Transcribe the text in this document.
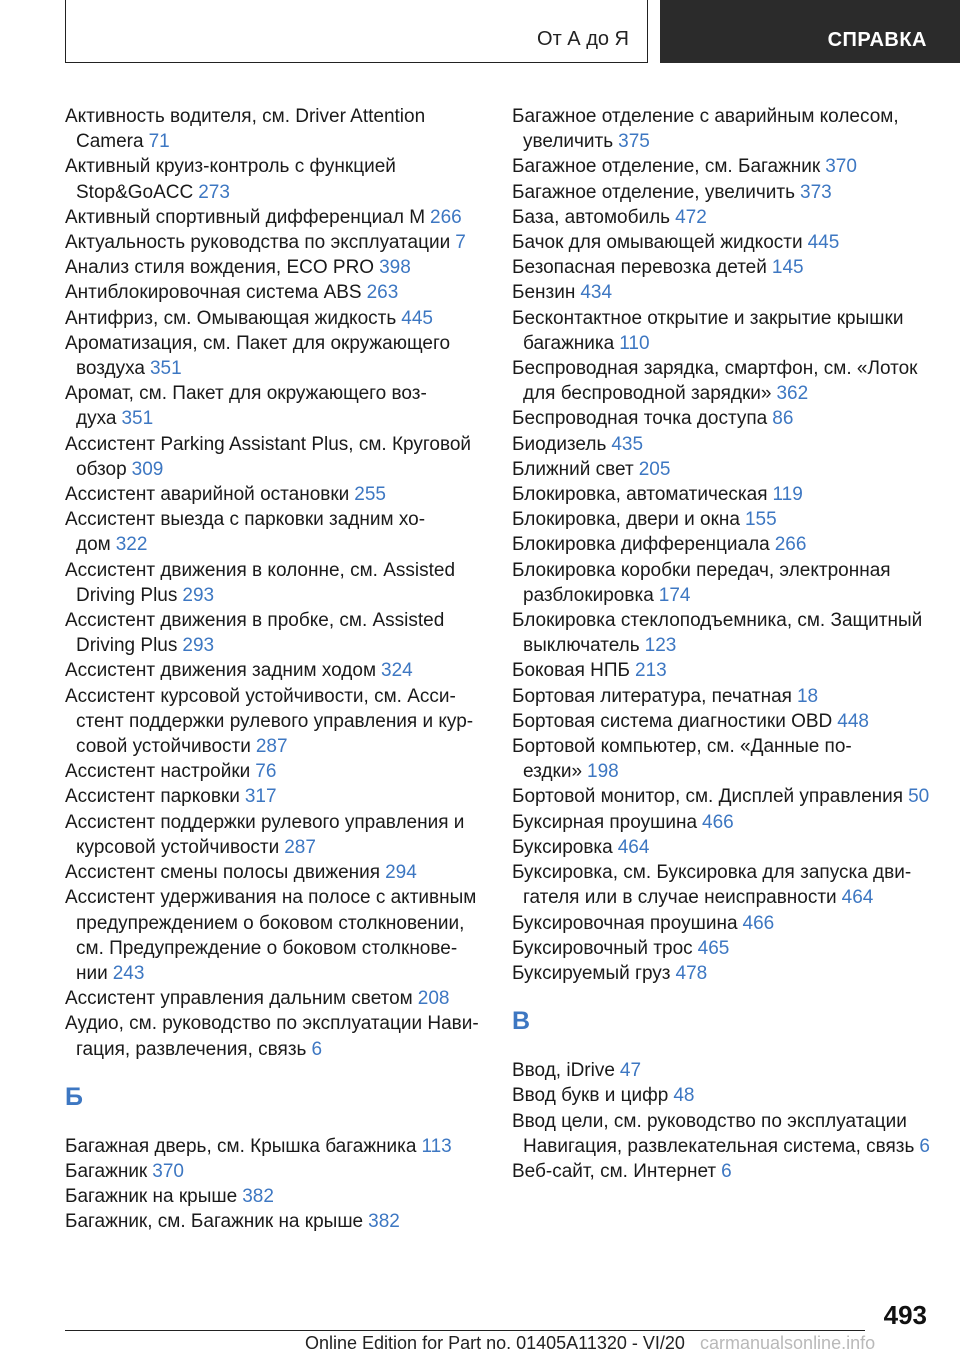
От А до Я	СПРАВКА
Активность водителя, см. Driver Attention Camera 71
Активный круиз-контроль с функцией Stop&GoACC 273
Активный спортивный дифференциал M 266
Актуальность руководства по эксплуатации 7
Анализ стиля вождения, ECO PRO 398
Антиблокировочная система ABS 263
Антифриз, см. Омывающая жидкость 445
Ароматизация, см. Пакет для окружающего воздуха 351
Аромат, см. Пакет для окружающего воздуха 351
Ассистент Parking Assistant Plus, см. Круговой обзор 309
Ассистент аварийной остановки 255
Ассистент выезда с парковки задним ходом 322
Ассистент движения в колонне, см. Assisted Driving Plus 293
Ассистент движения в пробке, см. Assisted Driving Plus 293
Ассистент движения задним ходом 324
Ассистент курсовой устойчивости, см. Ассистент поддержки рулевого управления и курсовой устойчивости 287
Ассистент настройки 76
Ассистент парковки 317
Ассистент поддержки рулевого управления и курсовой устойчивости 287
Ассистент смены полосы движения 294
Ассистент удерживания на полосе с активным предупреждением о боковом столкновении, см. Предупреждение о боковом столкновении 243
Ассистент управления дальним светом 208
Аудио, см. руководство по эксплуатации Навигация, развлечения, связь 6
Б
Багажная дверь, см. Крышка багажника 113
Багажник 370
Багажник на крыше 382
Багажник, см. Багажник на крыше 382
Багажное отделение с аварийным колесом, увеличить 375
Багажное отделение, см. Багажник 370
Багажное отделение, увеличить 373
База, автомобиль 472
Бачок для омывающей жидкости 445
Безопасная перевозка детей 145
Бензин 434
Бесконтактное открытие и закрытие крышки багажника 110
Беспроводная зарядка, смартфон, см. «Лоток для беспроводной зарядки» 362
Беспроводная точка доступа 86
Биодизель 435
Ближний свет 205
Блокировка, автоматическая 119
Блокировка, двери и окна 155
Блокировка дифференциала 266
Блокировка коробки передач, электронная разблокировка 174
Блокировка стеклоподъемника, см. Защитный выключатель 123
Боковая НПБ 213
Бортовая литература, печатная 18
Бортовая система диагностики OBD 448
Бортовой компьютер, см. «Данные поездки» 198
Бортовой монитор, см. Дисплей управления 50
Буксирная проушина 466
Буксировка 464
Буксировка, см. Буксировка для запуска двигателя или в случае неисправности 464
Буксировочная проушина 466
Буксировочный трос 465
Буксируемый груз 478
В
Ввод, iDrive 47
Ввод букв и цифр 48
Ввод цели, см. руководство по эксплуатации Навигация, развлекательная система, связь 6
Веб-сайт, см. Интернет 6
493
Online Edition for Part no. 01405A11320 - VI/20 carmanualsonline.info
